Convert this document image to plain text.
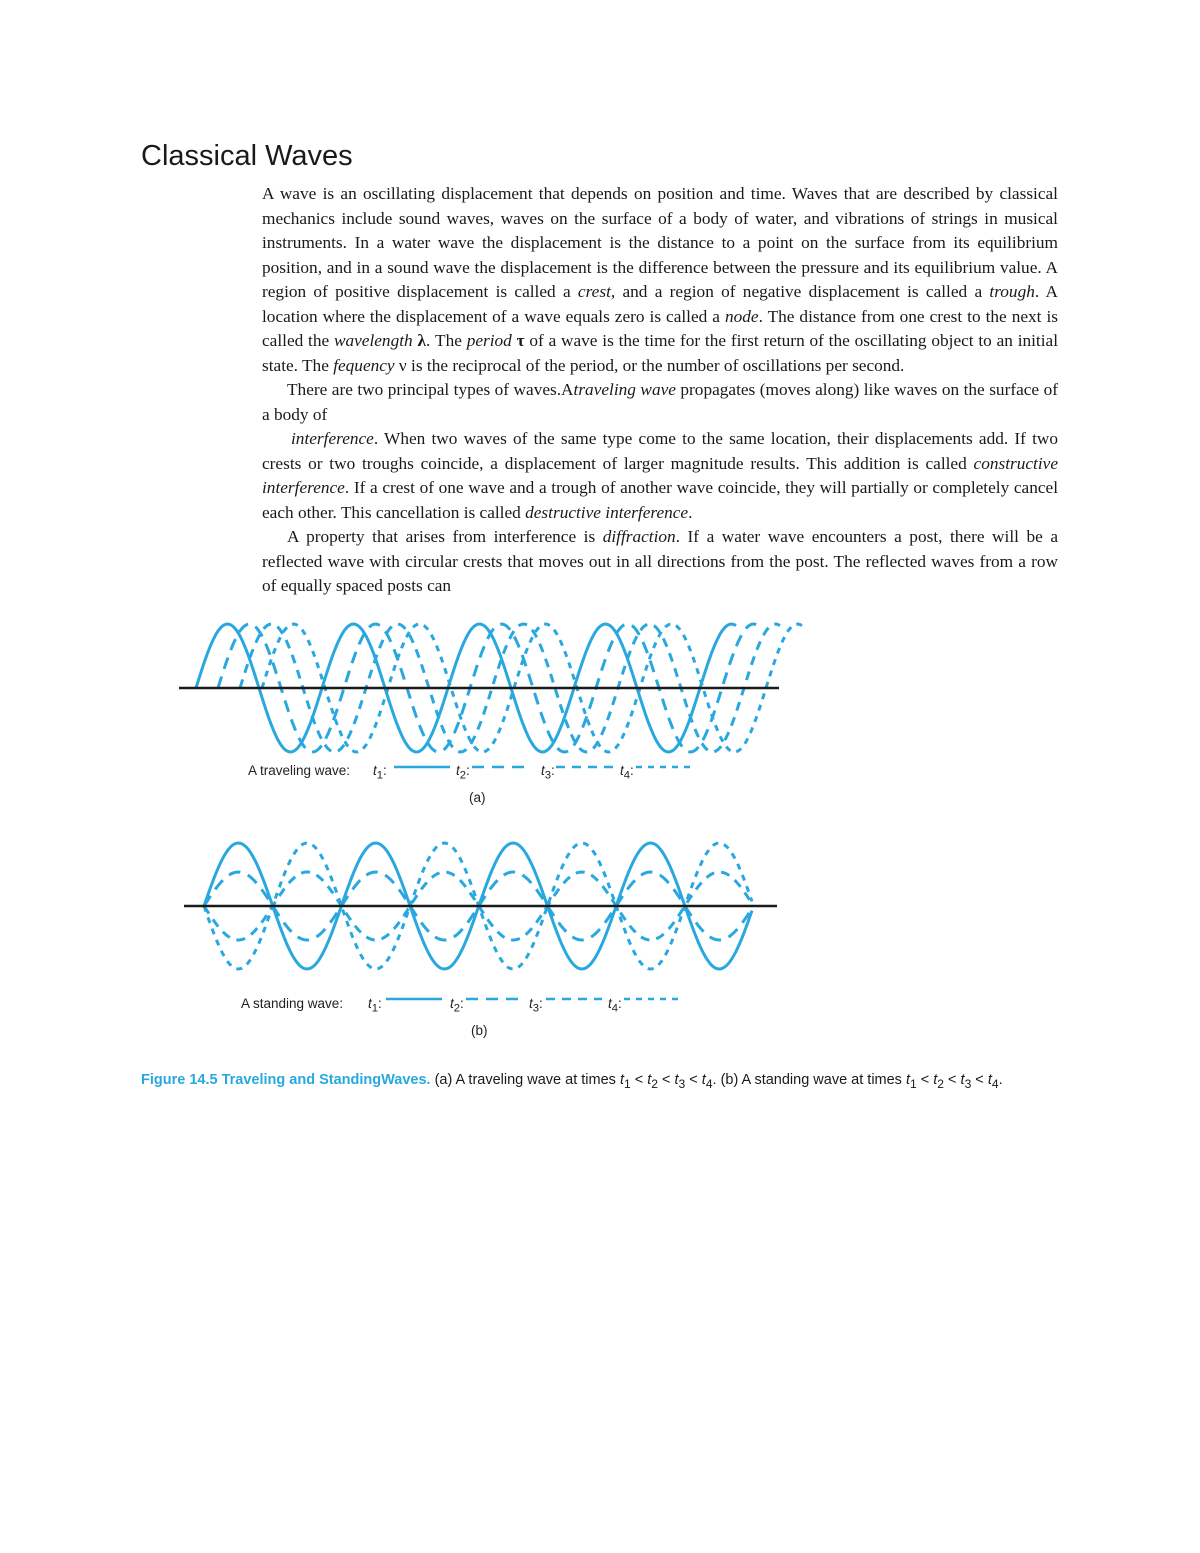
Classical Waves

A wave is an oscillating displacement that depends on position and time. Waves that are described by classical mechanics include sound waves, waves on the surface of a body of water, and vibrations of strings in musical instruments. In a water wave the displacement is the distance to a point on the surface from its equilibrium position, and in a sound wave the displacement is the difference between the pressure and its equilibrium value. A region of positive displacement is called a crest, and a region of negative displacement is called a trough. A location where the displacement of a wave equals zero is called a node. The distance from one crest to the next is called the wavelength λ. The period τ of a wave is the time for the first return of the oscillating object to an initial state. The fequency ν is the reciprocal of the period, or the number of oscillations per second.

There are two principal types of waves.Atraveling wave propagates (moves along) like waves on the surface of a body of

interference. When two waves of the same type come to the same location, their displacements add. If two crests or two troughs coincide, a displacement of larger magnitude results. This addition is called constructive interference. If a crest of one wave and a trough of another wave coincide, they will partially or completely cancel each other. This cancellation is called destructive interference.

A property that arises from interference is diffraction. If a water wave encounters a post, there will be a reflected wave with circular crests that moves out in all directions from the post. The reflected waves from a row of equally spaced posts can

A traveling wave: $t_1$:	$t_2$:	$t_3$:	$t_4$:
(a)
A standing wave: $t_1$:	$t_2$:	$t_3$:	$t_4$:
(b)
Figure 14.5 Traveling and StandingWaves. (a) A traveling wave at times $t_1 < t_2 < t_3 < t_4$. (b) A standing wave at times $t_1 < t_2 < t_3 < t_4$.
